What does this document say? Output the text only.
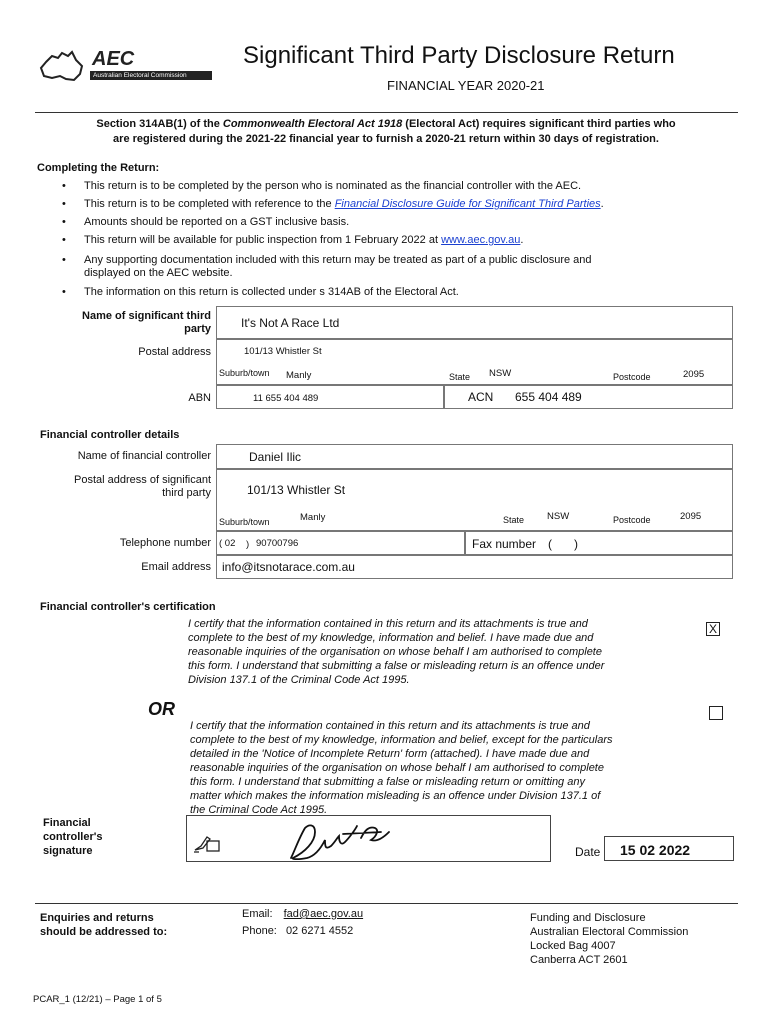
AEC
Australian Electoral Commission
Significant Third Party Disclosure Return
FINANCIAL YEAR 2020-21
Section 314AB(1) of the Commonwealth Electoral Act 1918 (Electoral Act) requires significant third parties who
are registered during the 2021-22 financial year to furnish a 2020-21 return within 30 days of registration.
Completing the Return:
• This return is to be completed by the person who is nominated as the financial controller with the AEC.
• This return is to be completed with reference to the Financial Disclosure Guide for Significant Third Parties.
• Amounts should be reported on a GST inclusive basis.
• This return will be available for public inspection from 1 February 2022 at www.aec.gov.au.
• Any supporting documentation included with this return may be treated as part of a public disclosure and
displayed on the AEC website.
• The information on this return is collected under s 314AB of the Electoral Act.
Name of significant third
party	It's Not A Race Ltd
Postal address	101/13 Whistler St
Suburb/town Manly	State NSW	Postcode	2095
ABN	11 655 404 489	ACN 655 404 489
Financial controller details
Name of financial controller	Daniel Ilic
Postal address of significant
third party	101/13 Whistler St
Suburb/town	Manly	State NSW	Postcode	2095
Telephone number ( 02 ) 90700796	Fax number ( )
Email address info@itsnotarace.com.au
Financial controller's certification
I certify that the information contained in this return and its attachments is true and
complete to the best of my knowledge, information and belief. I have made due and
reasonable inquiries of the organisation on whose behalf I am authorised to complete
this form. I understand that submitting a false or misleading return is an offence under
Division 137.1 of the Criminal Code Act 1995.
X
OR
I certify that the information contained in this return and its attachments is true and
complete to the best of my knowledge, information and belief, except for the particulars
detailed in the 'Notice of Incomplete Return' form (attached). I have made due and
reasonable inquiries of the organisation on whose behalf I am authorised to complete
this form. I understand that submitting a false or misleading return or omitting any
matter which makes the information misleading is an offence under Division 137.1 of
the Criminal Code Act 1995.
Financial
controller's
signature	Date 15 02 2022
Enquiries and returns
should be addressed to:
Email: fad@aec.gov.au
Phone: 02 6271 4552
Funding and Disclosure
Australian Electoral Commission
Locked Bag 4007
Canberra ACT 2601
PCAR_1 (12/21) – Page 1 of 5
